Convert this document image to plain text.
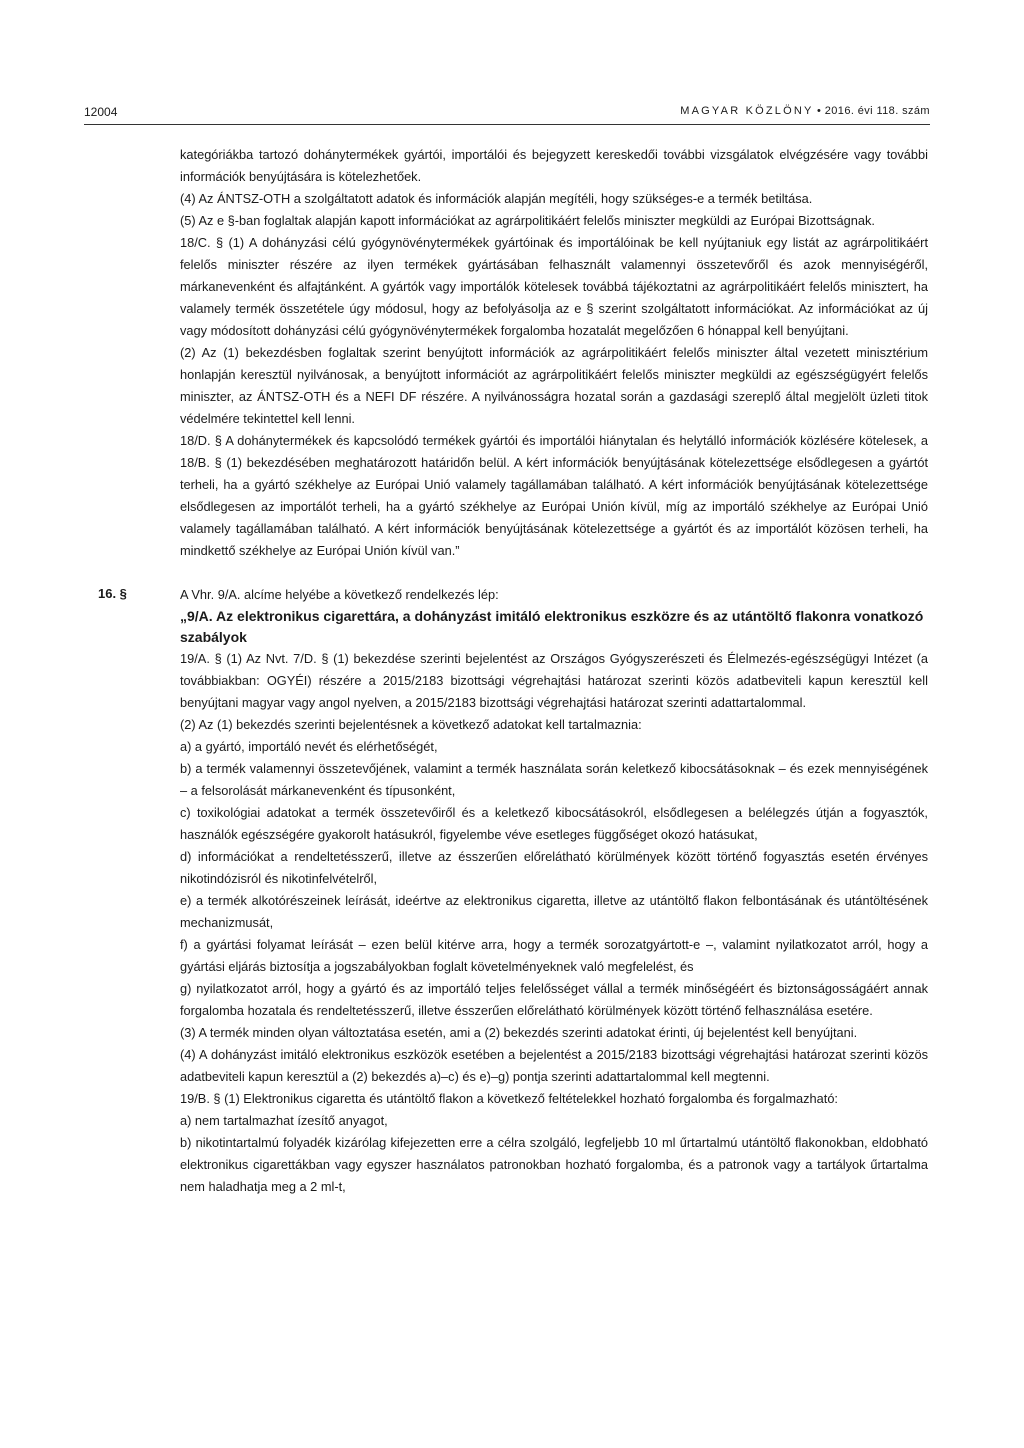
12004	MAGYAR KÖZLÖNY • 2016. évi 118. szám

kategóriákba tartozó dohánytermékek gyártói, importálói és bejegyzett kereskedői további vizsgálatok elvégzésére vagy további információk benyújtására is kötelezhetőek.

(4) Az ÁNTSZ-OTH a szolgáltatott adatok és információk alapján megítéli, hogy szükséges-e a termék betiltása.

(5) Az e §-ban foglaltak alapján kapott információkat az agrárpolitikáért felelős miniszter megküldi az Európai Bizottságnak.

18/C. § (1) A dohányzási célú gyógynövénytermékek gyártóinak és importálóinak be kell nyújtaniuk egy listát az agrárpolitikáért felelős miniszter részére az ilyen termékek gyártásában felhasznált valamennyi összetevőről és azok mennyiségéről, márkanevenként és alfajtánként. A gyártók vagy importálók kötelesek továbbá tájékoztatni az agrárpolitikáért felelős minisztert, ha valamely termék összetétele úgy módosul, hogy az befolyásolja az e § szerint szolgáltatott információkat. Az információkat az új vagy módosított dohányzási célú gyógynövénytermékek forgalomba hozatalát megelőzően 6 hónappal kell benyújtani.

(2) Az (1) bekezdésben foglaltak szerint benyújtott információk az agrárpolitikáért felelős miniszter által vezetett minisztérium honlapján keresztül nyilvánosak, a benyújtott információt az agrárpolitikáért felelős miniszter megküldi az egészségügyért felelős miniszter, az ÁNTSZ-OTH és a NEFI DF részére. A nyilvánosságra hozatal során a gazdasági szereplő által megjelölt üzleti titok védelmére tekintettel kell lenni.

18/D. § A dohánytermékek és kapcsolódó termékek gyártói és importálói hiánytalan és helytálló információk közlésére kötelesek, a 18/B. § (1) bekezdésében meghatározott határidőn belül. A kért információk benyújtásának kötelezettsége elsődlegesen a gyártót terheli, ha a gyártó székhelye az Európai Unió valamely tagállamában található. A kért információk benyújtásának kötelezettsége elsődlegesen az importálót terheli, ha a gyártó székhelye az Európai Unión kívül, míg az importáló székhelye az Európai Unió valamely tagállamában található. A kért információk benyújtásának kötelezettsége a gyártót és az importálót közösen terheli, ha mindkettő székhelye az Európai Unión kívül van.”

A Vhr. 9/A. alcíme helyébe a következő rendelkezés lép:

„9/A. Az elektronikus cigarettára, a dohányzást imitáló elektronikus eszközre és az utántöltő flakonra vonatkozó szabályok

19/A. § (1) Az Nvt. 7/D. § (1) bekezdése szerinti bejelentést az Országos Gyógyszerészeti és Élelmezés-egészségügyi Intézet (a továbbiakban: OGYÉI) részére a 2015/2183 bizottsági végrehajtási határozat szerinti közös adatbeviteli kapun keresztül kell benyújtani magyar vagy angol nyelven, a 2015/2183 bizottsági végrehajtási határozat szerinti adattartalommal.

(2) Az (1) bekezdés szerinti bejelentésnek a következő adatokat kell tartalmaznia:

a) a gyártó, importáló nevét és elérhetőségét,

b) a termék valamennyi összetevőjének, valamint a termék használata során keletkező kibocsátásoknak – és ezek mennyiségének – a felsorolását márkanevenként és típusonként,

c) toxikológiai adatokat a termék összetevőiről és a keletkező kibocsátásokról, elsődlegesen a belélegzés útján a fogyasztók, használók egészségére gyakorolt hatásukról, figyelembe véve esetleges függőséget okozó hatásukat,

d) információkat a rendeltetésszerű, illetve az ésszerűen előrelátható körülmények között történő fogyasztás esetén érvényes nikotindózisról és nikotinfelvételről,

e) a termék alkotórészeinek leírását, ideértve az elektronikus cigaretta, illetve az utántöltő flakon felbontásának és utántöltésének mechanizmusát,

f) a gyártási folyamat leírását – ezen belül kitérve arra, hogy a termék sorozatgyártott-e –, valamint nyilatkozatot arról, hogy a gyártási eljárás biztosítja a jogszabályokban foglalt követelményeknek való megfelelést, és

g) nyilatkozatot arról, hogy a gyártó és az importáló teljes felelősséget vállal a termék minőségéért és biztonságosságáért annak forgalomba hozatala és rendeltetésszerű, illetve ésszerűen előrelátható körülmények között történő felhasználása esetére.

(3) A termék minden olyan változtatása esetén, ami a (2) bekezdés szerinti adatokat érinti, új bejelentést kell benyújtani.

(4) A dohányzást imitáló elektronikus eszközök esetében a bejelentést a 2015/2183 bizottsági végrehajtási határozat szerinti közös adatbeviteli kapun keresztül a (2) bekezdés a)–c) és e)–g) pontja szerinti adattartalommal kell megtenni.

19/B. § (1) Elektronikus cigaretta és utántöltő flakon a következő feltételekkel hozható forgalomba és forgalmazható:

a) nem tartalmazhat ízesítő anyagot,

b) nikotintartalmú folyadék kizárólag kifejezetten erre a célra szolgáló, legfeljebb 10 ml űrtartalmú utántöltő flakonokban, eldobható elektronikus cigarettákban vagy egyszer használatos patronokban hozható forgalomba, és a patronok vagy a tartályok űrtartalma nem haladhatja meg a 2 ml-t,

16. §
